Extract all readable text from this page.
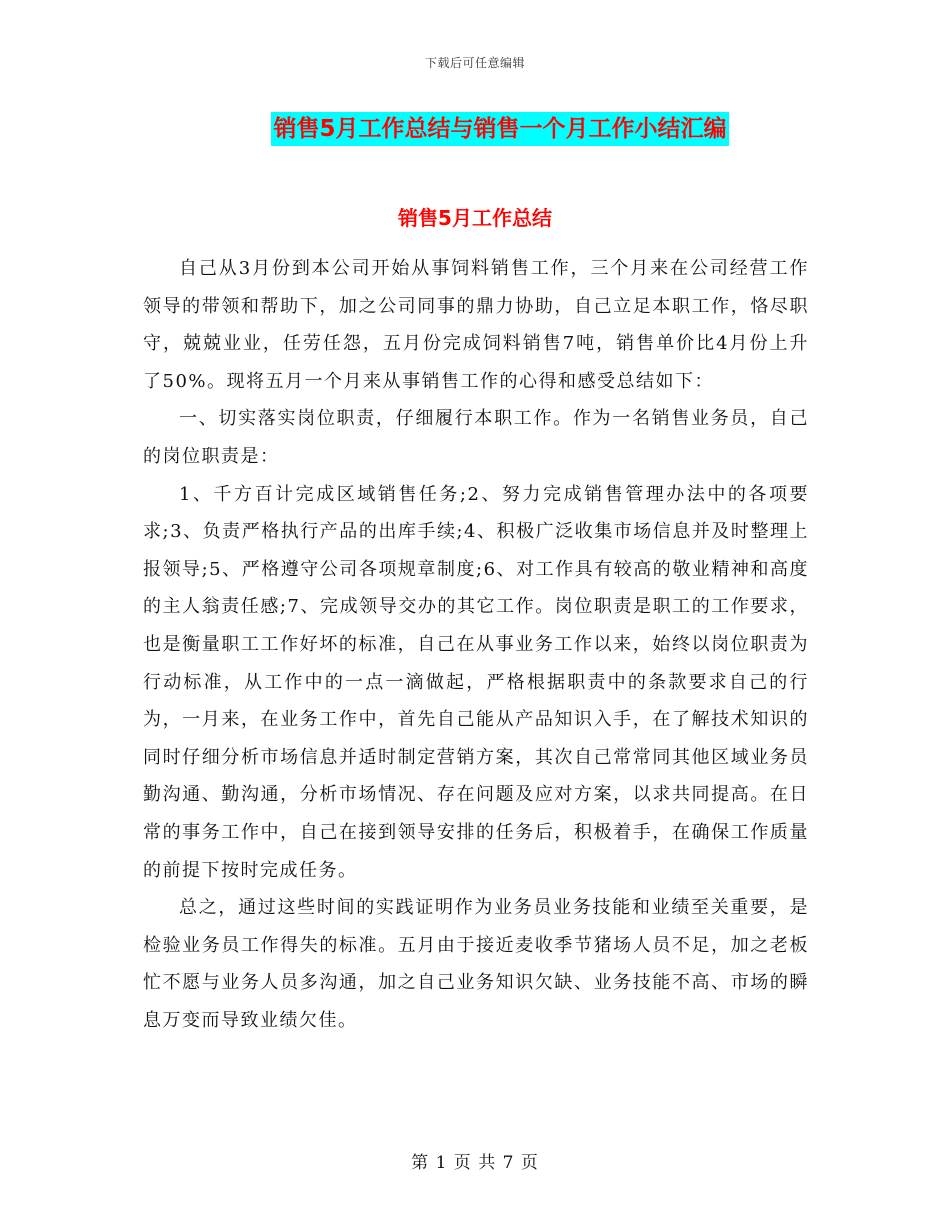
下载后可任意编辑
销售5月工作总结与销售一个月工作小结汇编
销售5月工作总结

自己从3月份到本公司开始从事饲料销售工作，三个月来在公司经营工作领导的带领和帮助下，加之公司同事的鼎力协助，自己立足本职工作，恪尽职守，兢兢业业，任劳任怨，五月份完成饲料销售7吨，销售单价比4月份上升了50%。现将五月一个月来从事销售工作的心得和感受总结如下：

一、切实落实岗位职责，仔细履行本职工作。作为一名销售业务员，自己的岗位职责是：

1、千方百计完成区域销售任务;2、努力完成销售管理办法中的各项要求;3、负责严格执行产品的出库手续;4、积极广泛收集市场信息并及时整理上报领导;5、严格遵守公司各项规章制度;6、对工作具有较高的敬业精神和高度的主人翁责任感;7、完成领导交办的其它工作。岗位职责是职工的工作要求，也是衡量职工工作好坏的标准，自己在从事业务工作以来，始终以岗位职责为行动标准，从工作中的一点一滴做起，严格根据职责中的条款要求自己的行为，一月来，在业务工作中，首先自己能从产品知识入手，在了解技术知识的同时仔细分析市场信息并适时制定营销方案，其次自己常常同其他区域业务员勤沟通、勤沟通，分析市场情况、存在问题及应对方案，以求共同提高。在日常的事务工作中，自己在接到领导安排的任务后，积极着手，在确保工作质量的前提下按时完成任务。

总之，通过这些时间的实践证明作为业务员业务技能和业绩至关重要，是检验业务员工作得失的标准。五月由于接近麦收季节猪场人员不足，加之老板忙不愿与业务人员多沟通，加之自己业务知识欠缺、业务技能不高、市场的瞬息万变而导致业绩欠佳。

第 1 页 共 7 页
